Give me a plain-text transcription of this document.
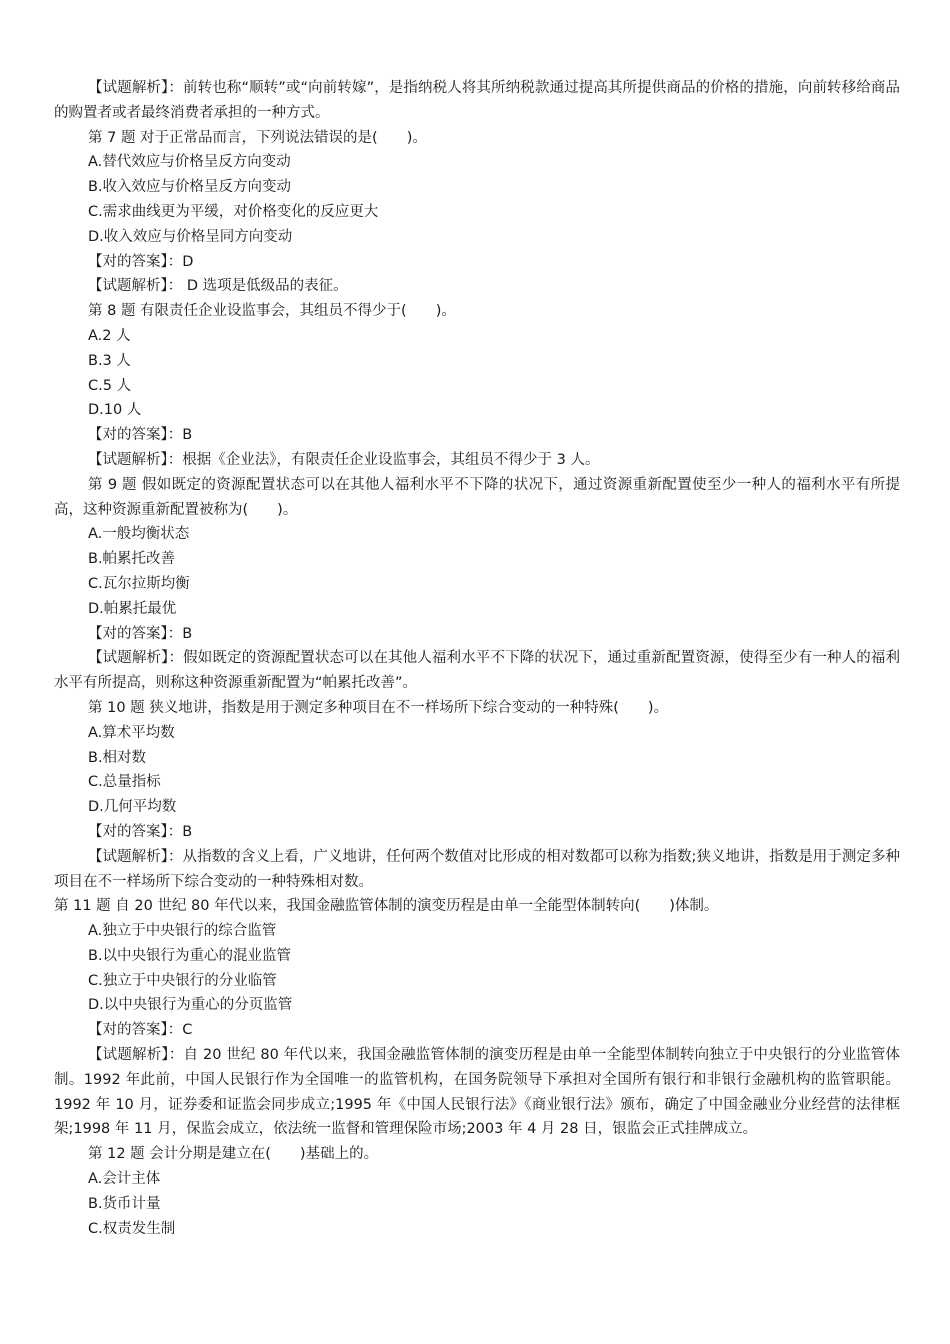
【试题解析】：前转也称“顺转”或“向前转嫁”，是指纳税人将其所纳税款通过提高其所提供商品的价格的措施，向前转移给商品的购置者或者最终消费者承担的一种方式。

第 7 题 对于正常品而言，下列说法错误的是(　　)。

A.替代效应与价格呈反方向变动

B.收入效应与价格呈反方向变动

C.需求曲线更为平缓，对价格变化的反应更大

D.收入效应与价格呈同方向变动

【对的答案】：D

【试题解析】： D 选项是低级品的表征。

第 8 题 有限责任企业设监事会，其组员不得少于(　　)。

A.2 人

B.3 人

C.5 人

D.10 人

【对的答案】：B

【试题解析】：根据《企业法》，有限责任企业设监事会，其组员不得少于 3 人。

第 9 题 假如既定的资源配置状态可以在其他人福利水平不下降的状况下，通过资源重新配置使至少一种人的福利水平有所提高，这种资源重新配置被称为(　　)。

A.一般均衡状态

B.帕累托改善

C.瓦尔拉斯均衡

D.帕累托最优

【对的答案】：B

【试题解析】：假如既定的资源配置状态可以在其他人福利水平不下降的状况下，通过重新配置资源，使得至少有一种人的福利水平有所提高，则称这种资源重新配置为“帕累托改善”。

第 10 题 狭义地讲，指数是用于测定多种项目在不一样场所下综合变动的一种特殊(　　)。

A.算术平均数

B.相对数

C.总量指标

D.几何平均数

【对的答案】：B

【试题解析】：从指数的含义上看，广义地讲，任何两个数值对比形成的相对数都可以称为指数;狭义地讲，指数是用于测定多种项目在不一样场所下综合变动的一种特殊相对数。

第 11 题 自 20 世纪 80 年代以来，我国金融监管体制的演变历程是由单一全能型体制转向(　　)体制。

A.独立于中央银行的综合监管

B.以中央银行为重心的混业监管

C.独立于中央银行的分业临管

D.以中央银行为重心的分页监管

【对的答案】：C

【试题解析】：自 20 世纪 80 年代以来，我国金融监管体制的演变历程是由单一全能型体制转向独立于中央银行的分业监管体制。1992 年此前，中国人民银行作为全国唯一的监管机构，在国务院领导下承担对全国所有银行和非银行金融机构的监管职能。1992 年 10 月，证券委和证监会同步成立;1995 年《中国人民银行法》《商业银行法》颁布，确定了中国金融业分业经营的法律框架;1998 年 11 月，保监会成立，依法统一监督和管理保险市场;2003 年 4 月 28 日，银监会正式挂牌成立。

第 12 题 会计分期是建立在(　　)基础上的。

A.会计主体

B.货币计量

C.权责发生制
